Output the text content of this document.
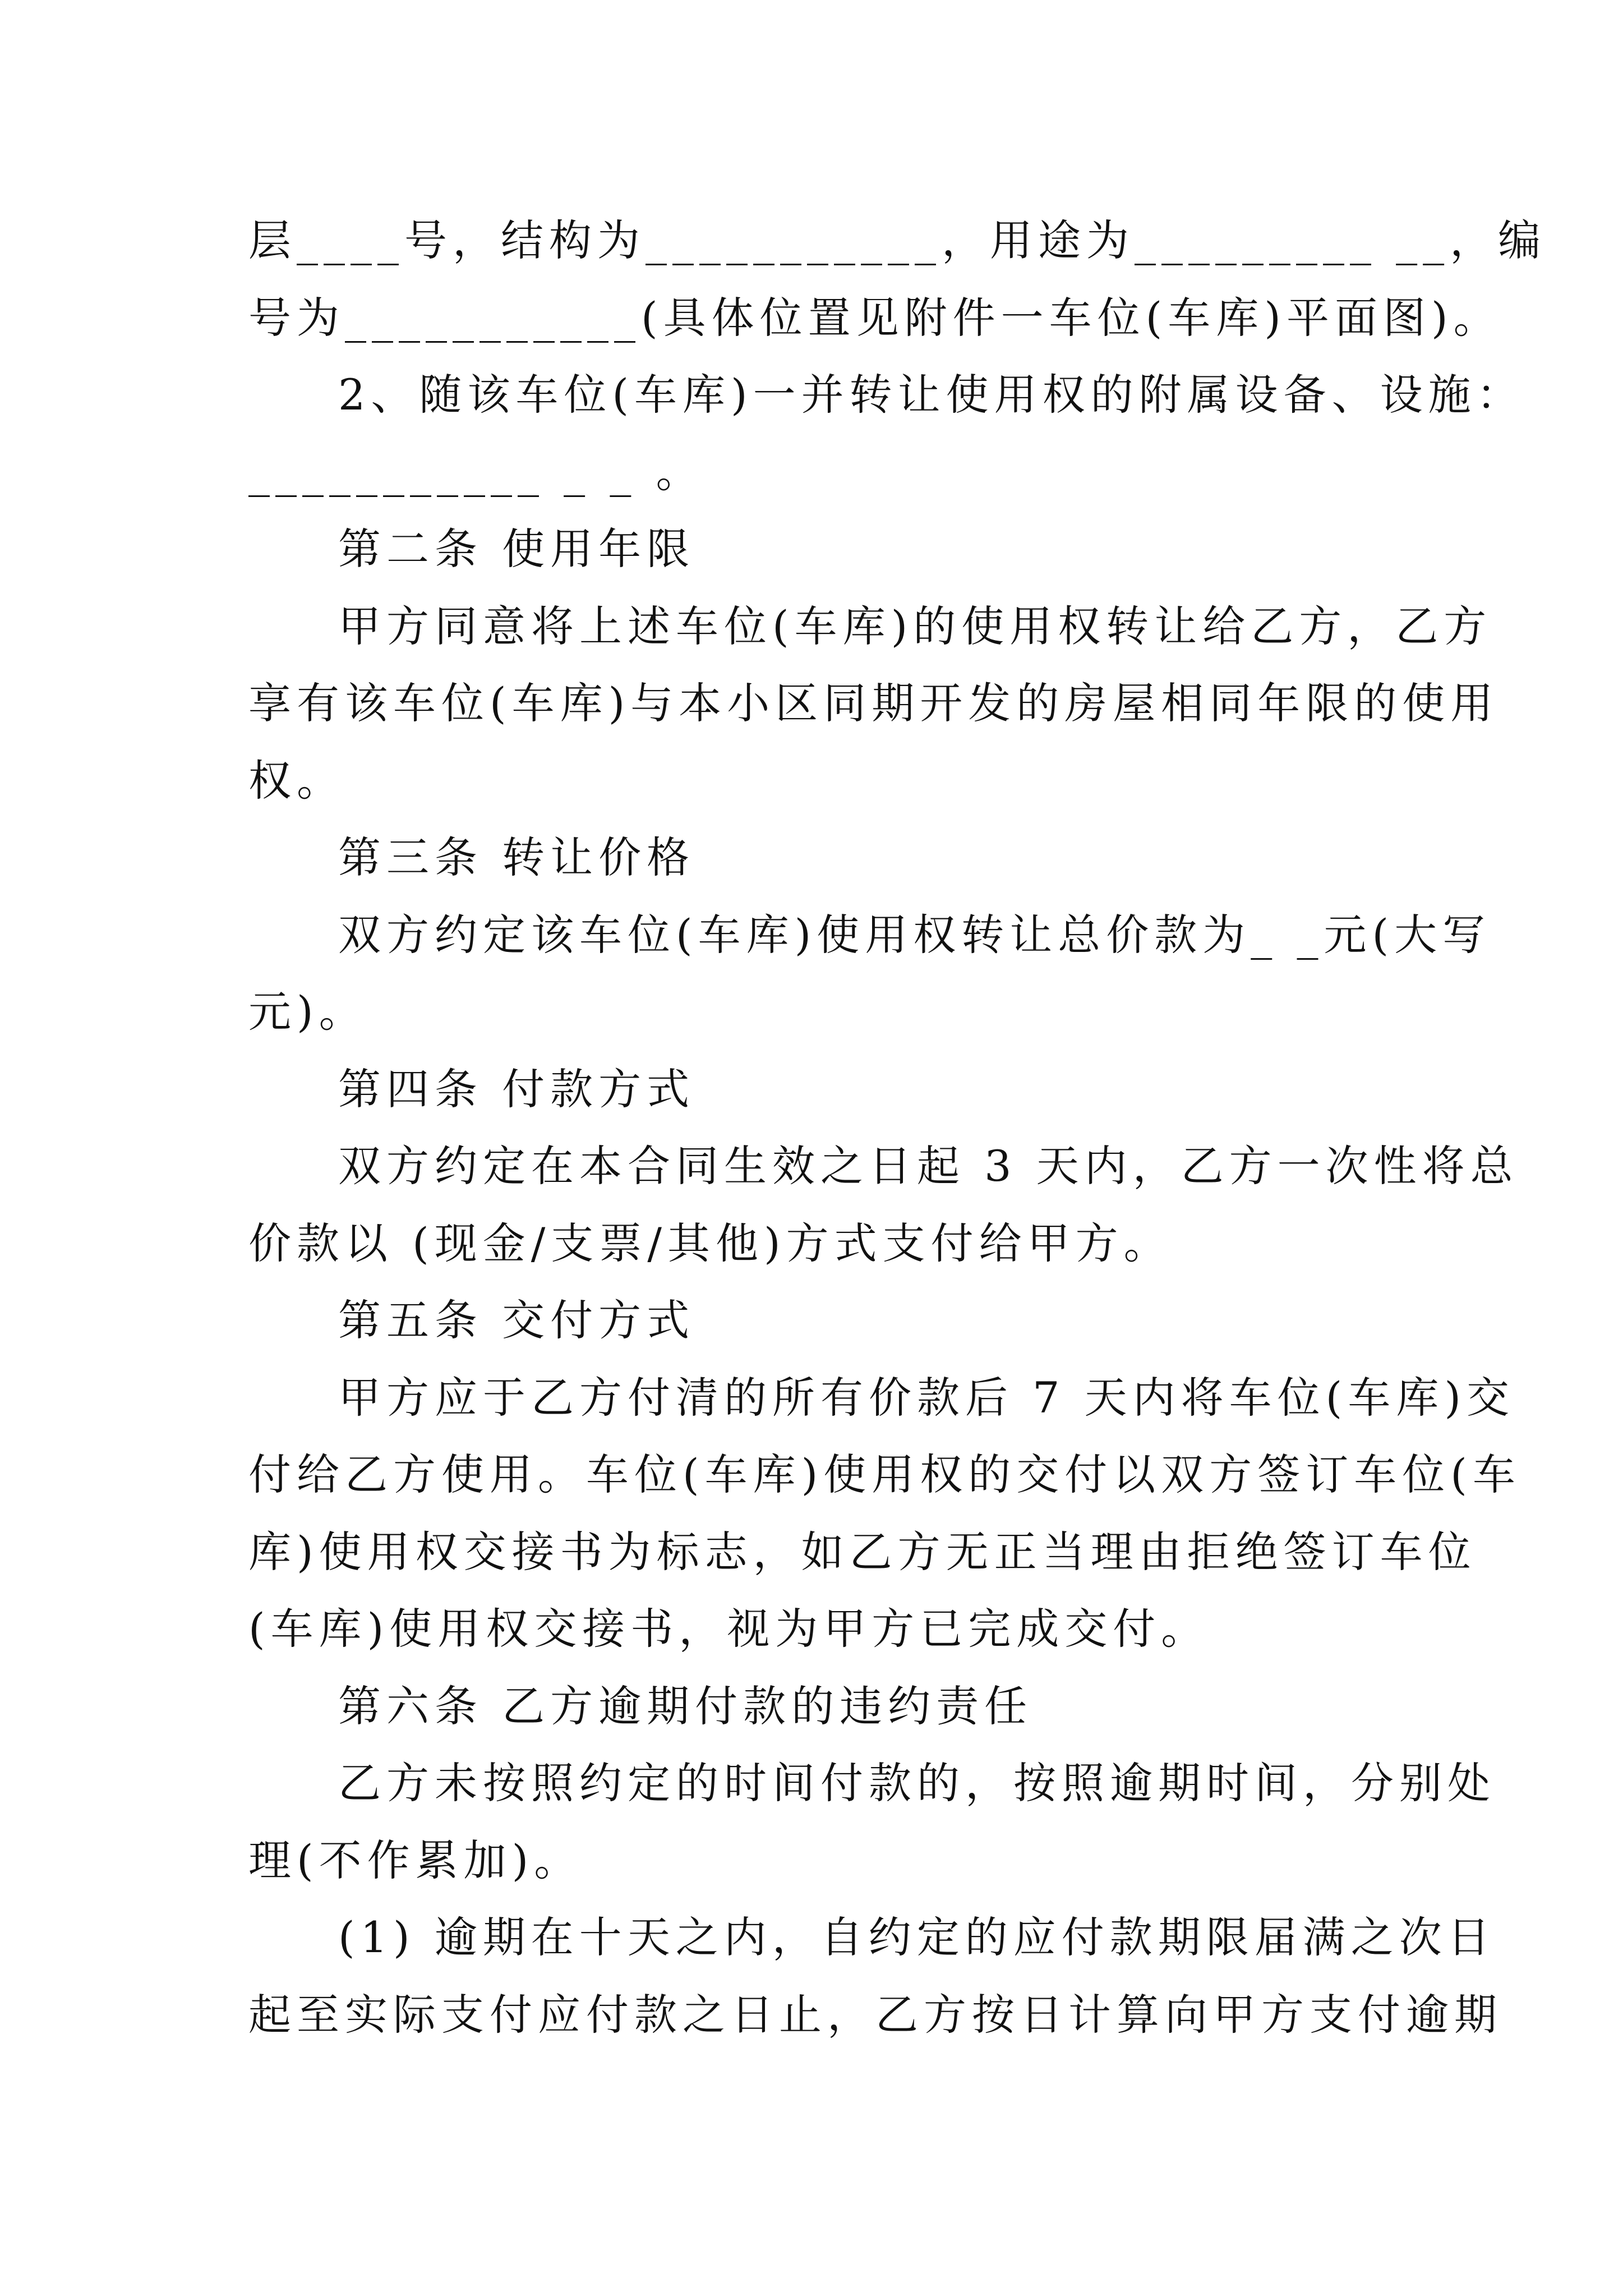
层____号，结构为___________，用途为_________ __，编
号为___________(具体位置见附件一车位(车库)平面图)。
2、随该车位(车库)一并转让使用权的附属设备、设施：
___________ _ _ 。
第二条 使用年限
甲方同意将上述车位(车库)的使用权转让给乙方，乙方
享有该车位(车库)与本小区同期开发的房屋相同年限的使用
权。
第三条 转让价格
双方约定该车位(车库)使用权转让总价款为_ _元(大写
元)。
第四条 付款方式
双方约定在本合同生效之日起 3 天内，乙方一次性将总
价款以 (现金/支票/其他)方式支付给甲方。
第五条 交付方式
甲方应于乙方付清的所有价款后 7 天内将车位(车库)交
付给乙方使用。车位(车库)使用权的交付以双方签订车位(车
库)使用权交接书为标志，如乙方无正当理由拒绝签订车位
(车库)使用权交接书，视为甲方已完成交付。
第六条 乙方逾期付款的违约责任
乙方未按照约定的时间付款的，按照逾期时间，分别处
理(不作累加)。
(1) 逾期在十天之内，自约定的应付款期限届满之次日
起至实际支付应付款之日止，乙方按日计算向甲方支付逾期
